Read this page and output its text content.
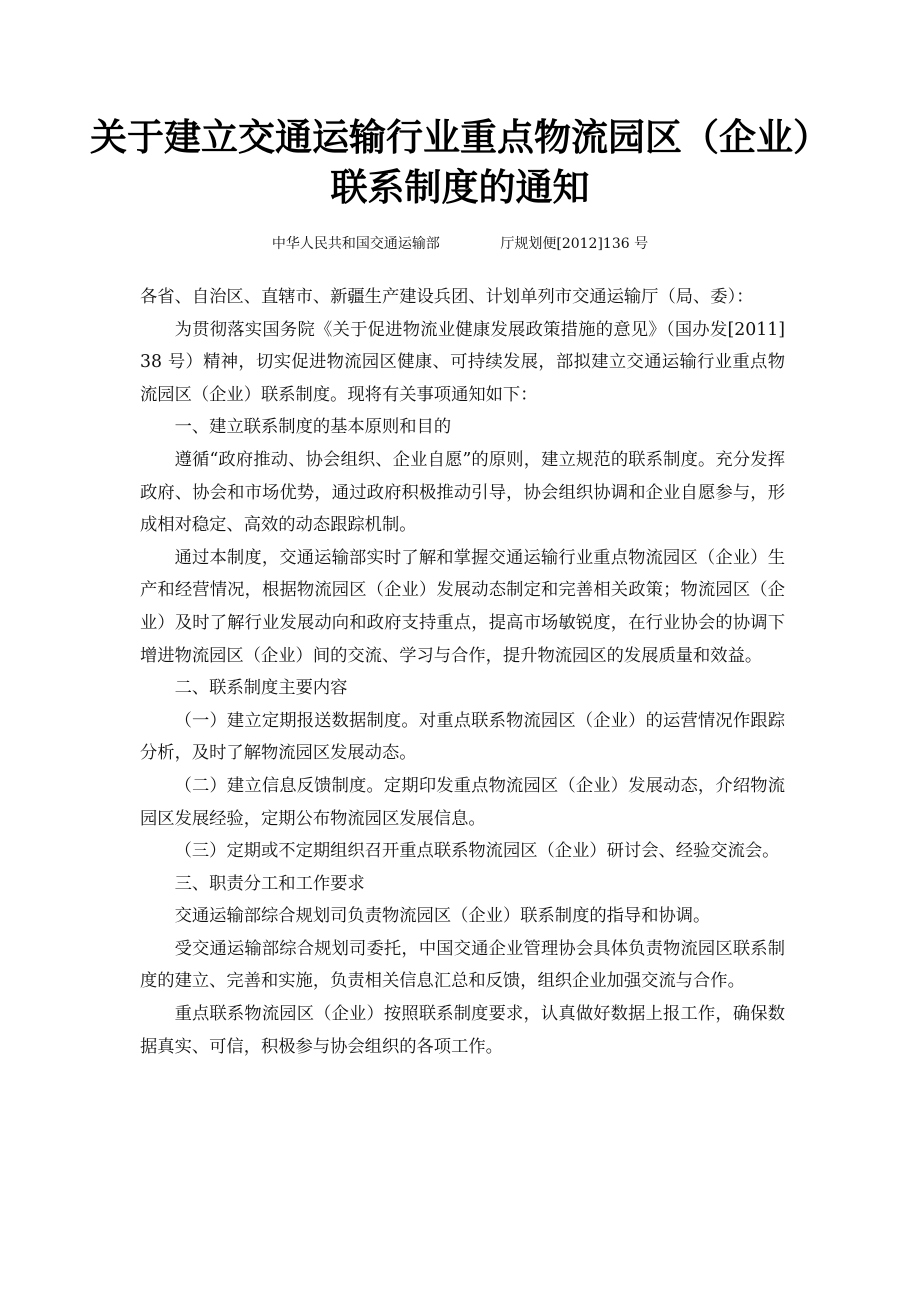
关于建立交通运输行业重点物流园区（企业）
联系制度的通知
中华人民共和国交通运输部	厅规划便[2012]136 号

各省、自治区、直辖市、新疆生产建设兵团、计划单列市交通运输厅（局、委）：

为贯彻落实国务院《关于促进物流业健康发展政策措施的意见》（国办发[2011] 38 号）精神，切实促进物流园区健康、可持续发展，部拟建立交通运输行业重点物流园区（企业）联系制度。现将有关事项通知如下：

一、建立联系制度的基本原则和目的

遵循“政府推动、协会组织、企业自愿”的原则，建立规范的联系制度。充分发挥政府、协会和市场优势，通过政府积极推动引导，协会组织协调和企业自愿参与，形成相对稳定、高效的动态跟踪机制。

通过本制度，交通运输部实时了解和掌握交通运输行业重点物流园区（企业）生产和经营情况，根据物流园区（企业）发展动态制定和完善相关政策；物流园区（企业）及时了解行业发展动向和政府支持重点，提高市场敏锐度，在行业协会的协调下增进物流园区（企业）间的交流、学习与合作，提升物流园区的发展质量和效益。

二、联系制度主要内容

（一）建立定期报送数据制度。对重点联系物流园区（企业）的运营情况作跟踪分析，及时了解物流园区发展动态。

（二）建立信息反馈制度。定期印发重点物流园区（企业）发展动态，介绍物流园区发展经验，定期公布物流园区发展信息。

（三）定期或不定期组织召开重点联系物流园区（企业）研讨会、经验交流会。

三、职责分工和工作要求

交通运输部综合规划司负责物流园区（企业）联系制度的指导和协调。

受交通运输部综合规划司委托，中国交通企业管理协会具体负责物流园区联系制度的建立、完善和实施，负责相关信息汇总和反馈，组织企业加强交流与合作。

重点联系物流园区（企业）按照联系制度要求，认真做好数据上报工作，确保数据真实、可信，积极参与协会组织的各项工作。
